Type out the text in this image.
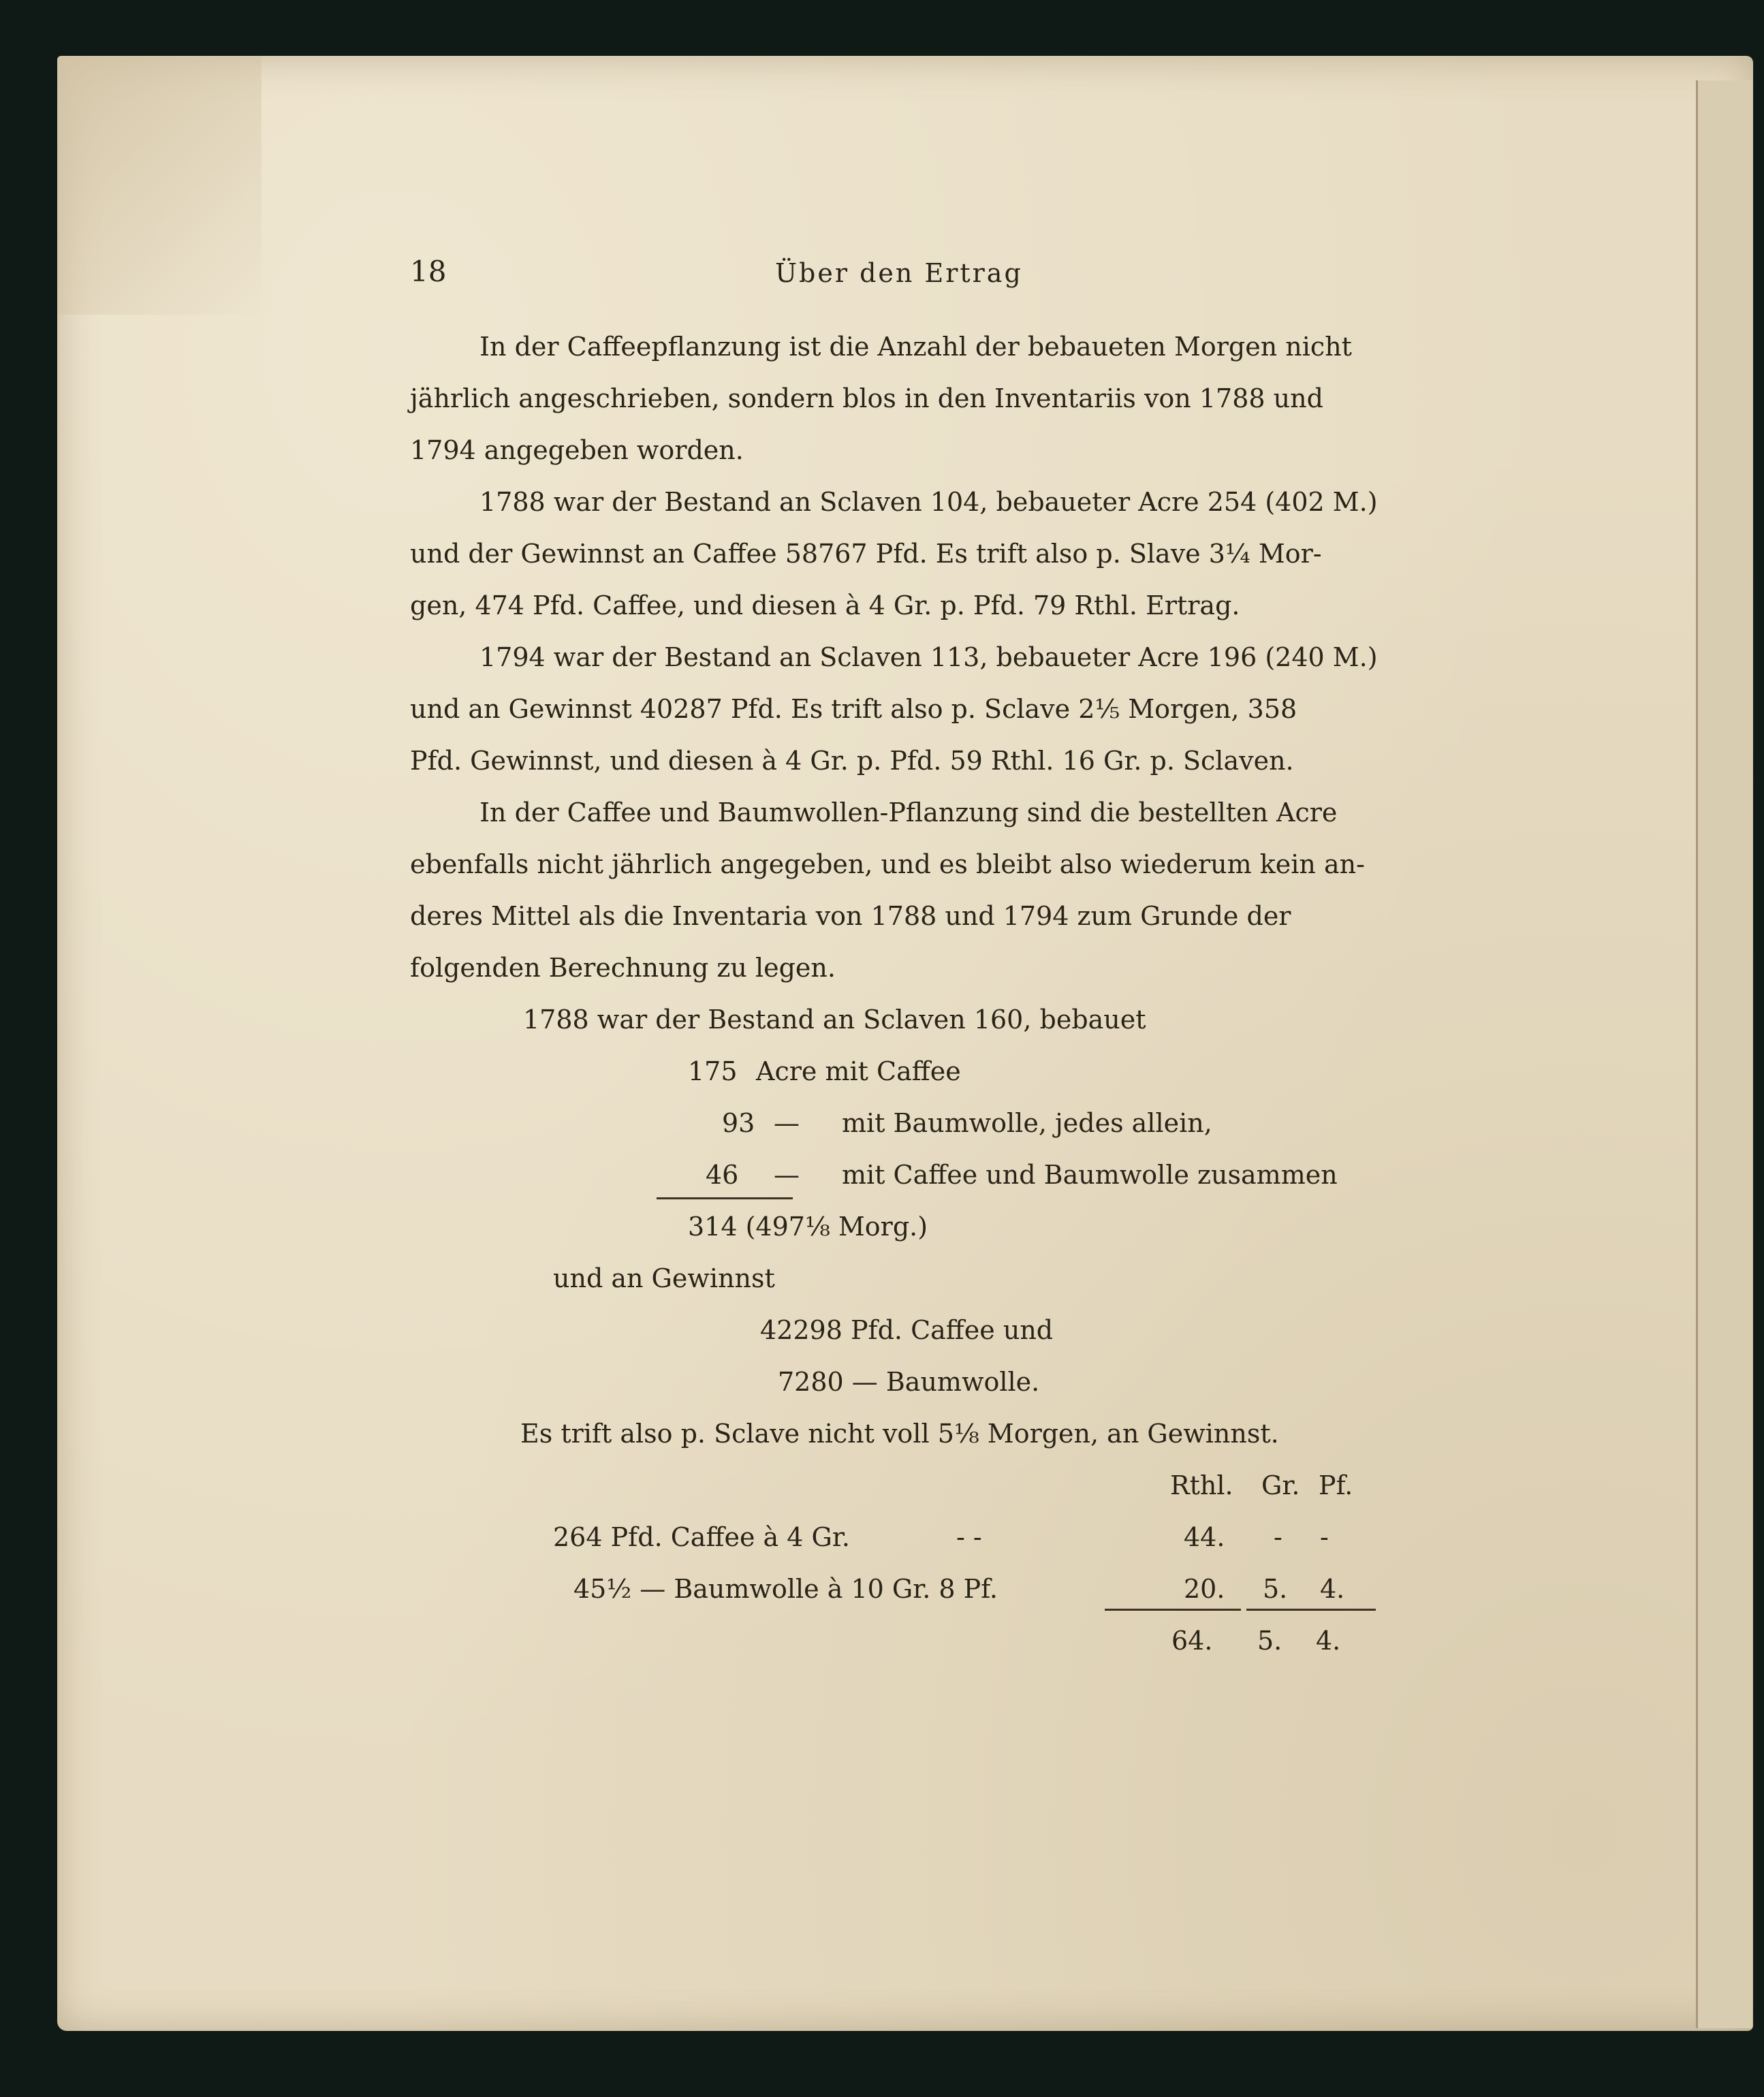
18	Über den Ertrag
In der Caffeepflanzung ist die Anzahl der bebaueten Morgen nicht
jährlich angeschrieben, sondern blos in den Inventariis von 1788 und
1794 angegeben worden.
1788 war der Bestand an Sclaven 104, bebaueter Acre 254 (402 M.)
und der Gewinnst an Caffee 58767 Pfd. Es trift also p. Slave 3¼ Mor-
gen, 474 Pfd. Caffee, und diesen à 4 Gr. p. Pfd. 79 Rthl. Ertrag.
1794 war der Bestand an Sclaven 113, bebaueter Acre 196 (240 M.)
und an Gewinnst 40287 Pfd. Es trift also p. Sclave 2⅕ Morgen, 358
Pfd. Gewinnst, und diesen à 4 Gr. p. Pfd. 59 Rthl. 16 Gr. p. Sclaven.
In der Caffee und Baumwollen-Pflanzung sind die bestellten Acre
ebenfalls nicht jährlich angegeben, und es bleibt also wiederum kein an-
deres Mittel als die Inventaria von 1788 und 1794 zum Grunde der
folgenden Berechnung zu legen.
1788 war der Bestand an Sclaven 160, bebauet
175 Acre mit Caffee
93 — mit Baumwolle, jedes allein,
46 — mit Caffee und Baumwolle zusammen
314 (497⅛ Morg.)
und an Gewinnst
42298 Pfd. Caffee und
7280 — Baumwolle.
Es trift also p. Sclave nicht voll 5⅛ Morgen, an Gewinnst.
Rthl. Gr. Pf.
264 Pfd. Caffee à 4 Gr.	- -	44. - -
45½ — Baumwolle à 10 Gr. 8 Pf.	20. 5. 4.
64. 5. 4.
